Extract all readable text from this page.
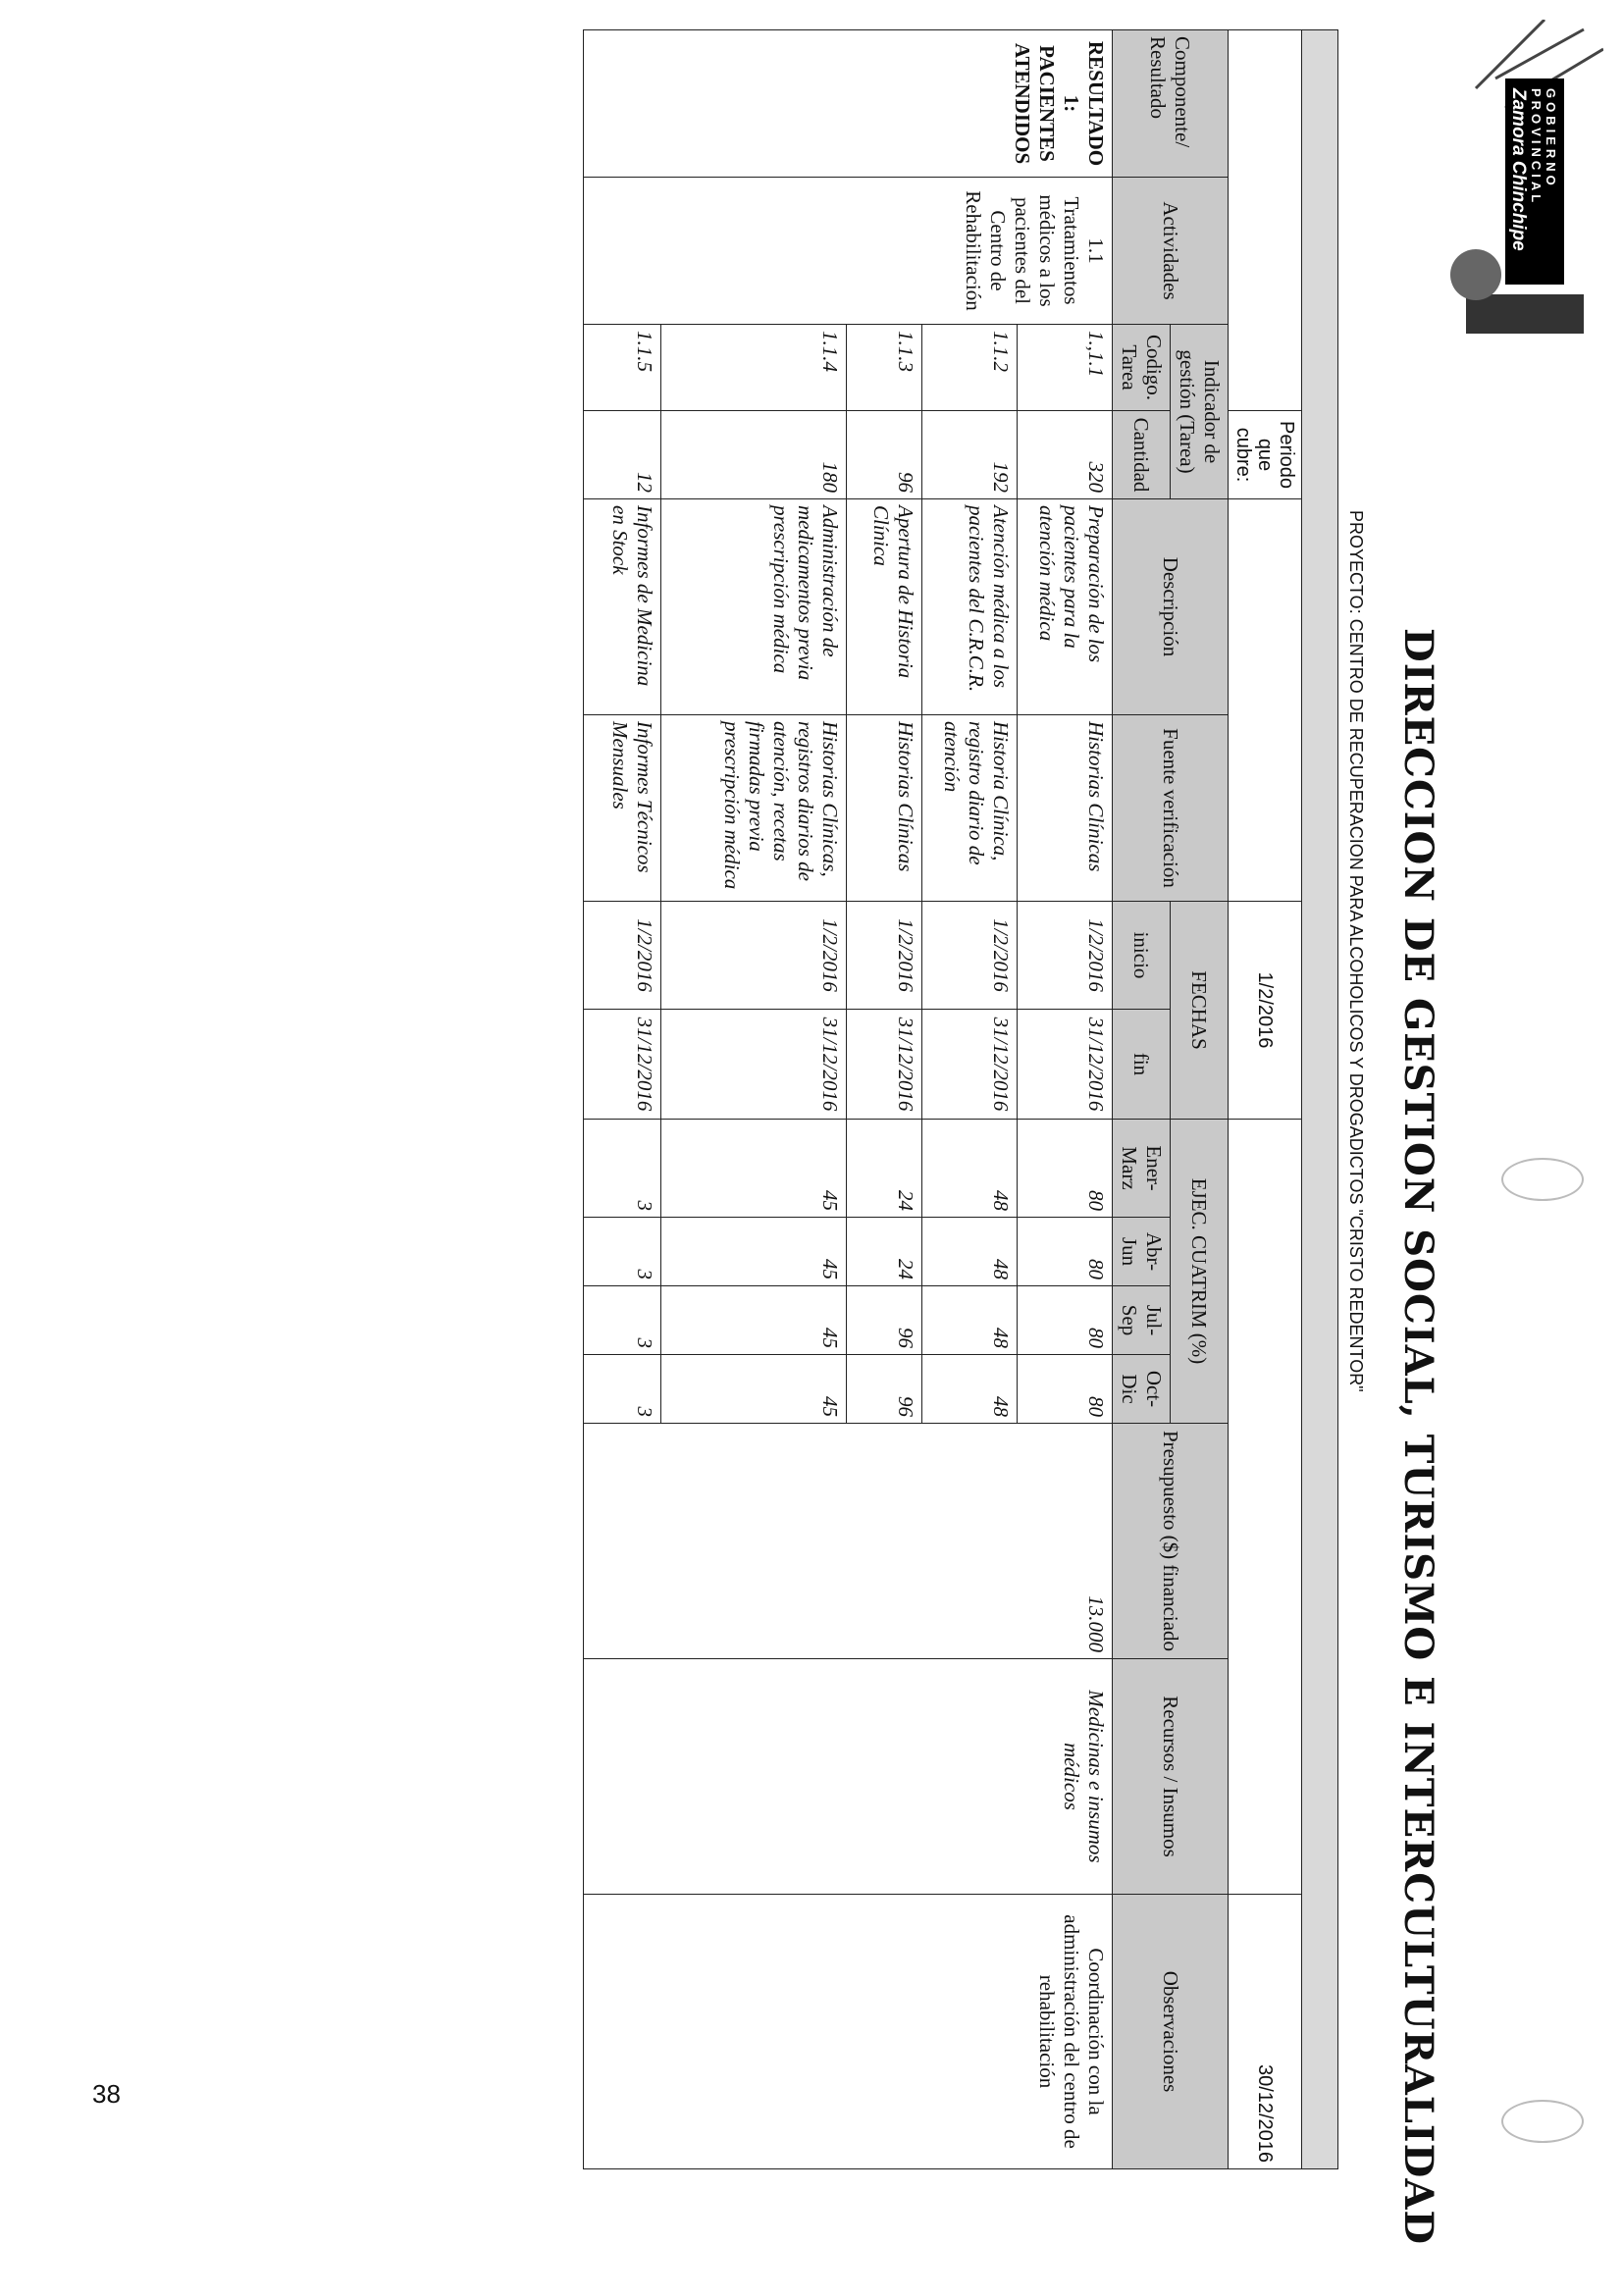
GOBIERNO PROVINCIAL
Zamora Chinchipe
DIRECCION DE GESTION SOCIAL, TURISMO E INTERCULTURALIDAD
PROYECTO: CENTRO DE RECUPERACION PARA ALCOHOLICOS Y DROGADICTOS "CRISTO REDENTOR"

			Periodo
que cubre:			1/2/2016								30/12/2016
Componente/ Resultado	Actividades	Indicador de gestión (Tarea)		Descripción	Fuente verificación	FECHAS		EJEC. CUATRIM (%)				Presupuesto ($) financiado	Recursos / Insumos	Observaciones
		Codigo. Tarea	Cantidad			inicio	fin	Ener-Marz	Abr-Jun	Jul-Sep	Oct-Dic			
RESULTADO 1: PACIENTES ATENDIDOS	1.1 Tratamientos médicos a los pacientes del Centro de Rehabilitación	1.,1.1	320	Preparación de los pacientes para la atención médica	Historias Clínicas	1/2/2016	31/12/2016	80	80	80	80	13.000	Medicinas e insumos médicos	Coordinación con la administración del centro de rehabilitación
		1.1.2	192	Atención médica a los pacientes del C.R.C.R.	Historia Clínica, registro diario de atención	1/2/2016	31/12/2016	48	48	48	48			
		1.1.3	96	Apertura de Historia Clínica	Historias Clínicas	1/2/2016	31/12/2016	24	24	96	96			
		1.1.4	180	Administración de medicamentos previa prescripción médica	Historias Clínicas, registros diarios de atención, recetas firmadas previa prescripción médica	1/2/2016	31/12/2016	45	45	45	45			
		1.1.5	12	Informes de Medicina en Stock	Informes Técnicos Mensuales	1/2/2016	31/12/2016	3	3	3	3			
38
